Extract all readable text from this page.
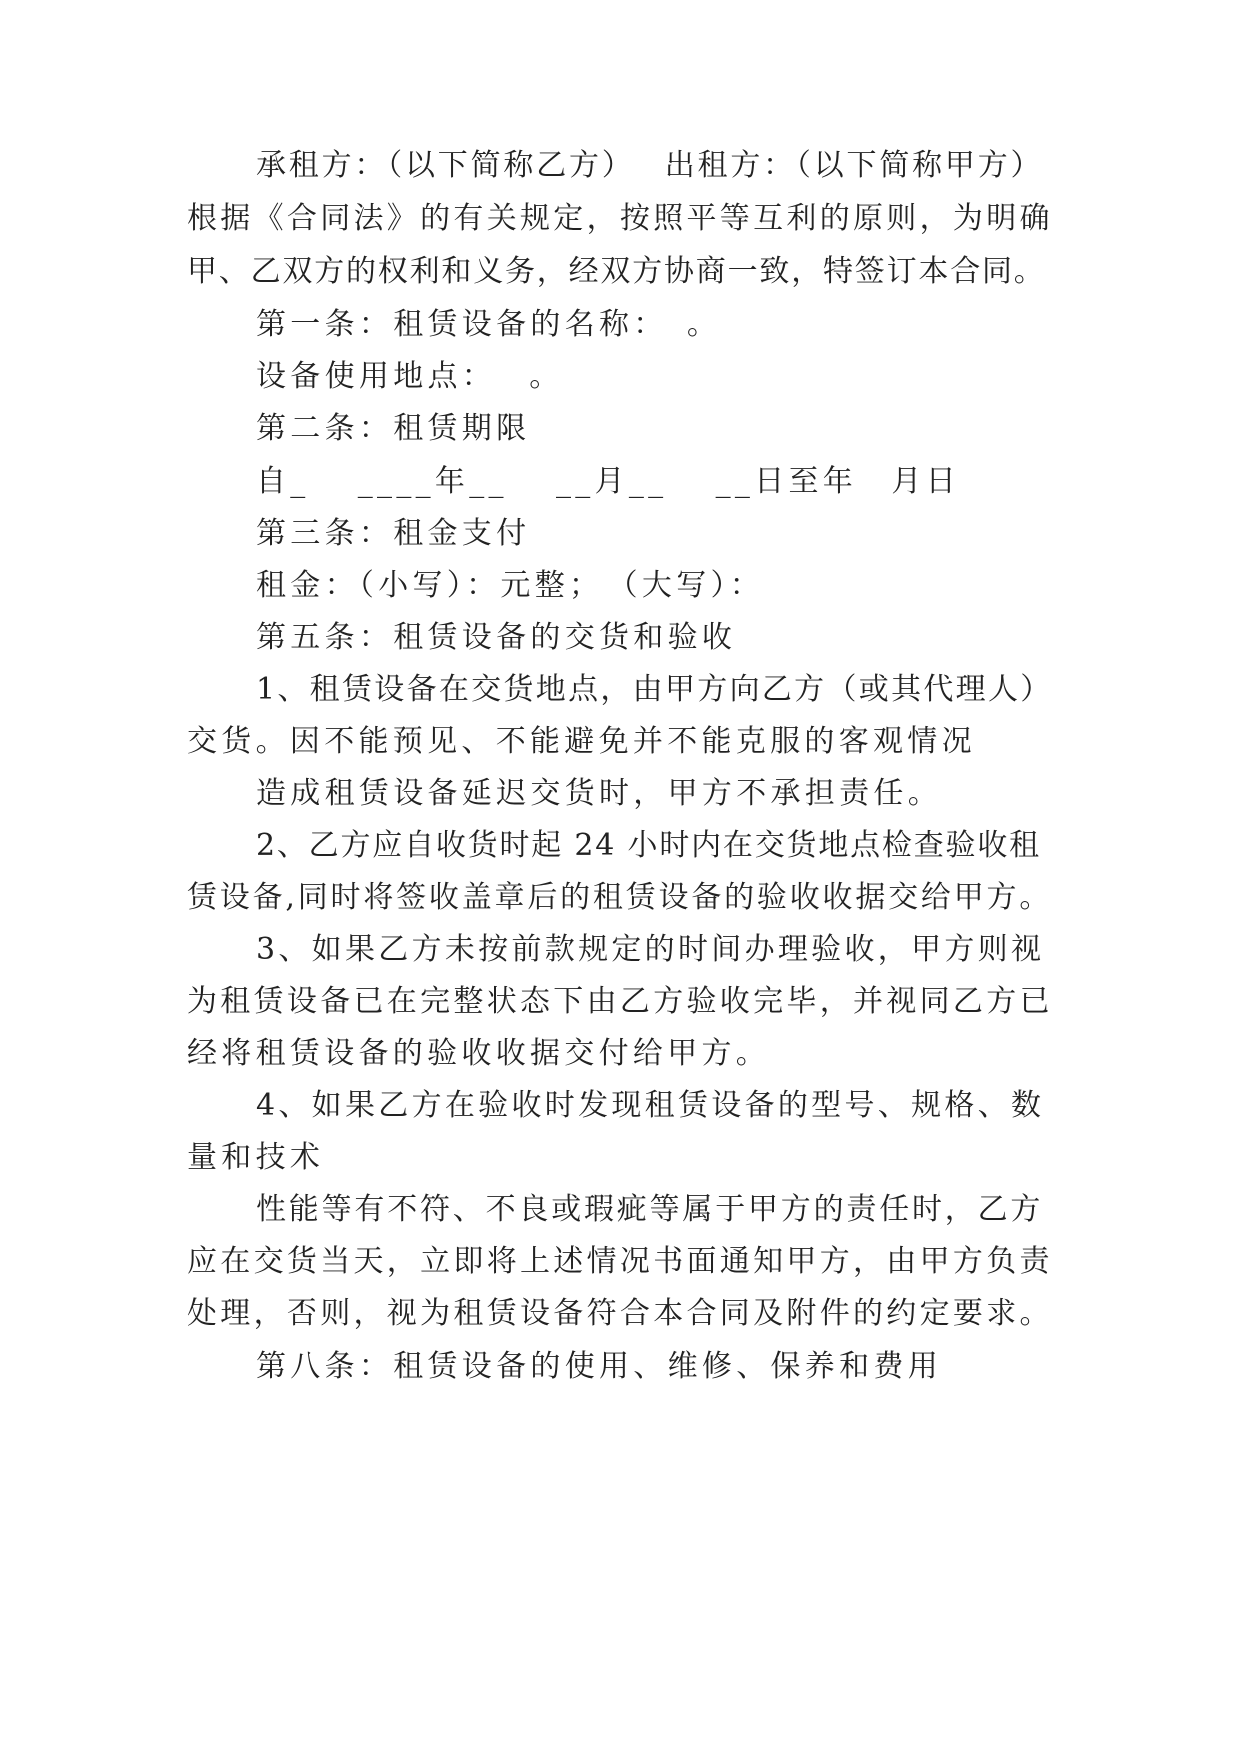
承租方：（以下简称乙方）　 出租方：（以下简称甲方）
根据《合同法》的有关规定，按照平等互利的原则，为明确
甲、乙双方的权利和义务，经双方协商一致，特签订本合同。
第一条：租赁设备的名称：　。
设备使用地点：　 。
第二条：租赁期限
自_　 ____年__　 __月__　 __日至年　月日
第三条：租金支付
租金：（小写）：元整；　（大写）：
第五条：租赁设备的交货和验收
1、租赁设备在交货地点，由甲方向乙方（或其代理人）
交货。因不能预见、不能避免并不能克服的客观情况
造成租赁设备延迟交货时，甲方不承担责任。
2、乙方应自收货时起 24 小时内在交货地点检查验收租
赁设备,同时将签收盖章后的租赁设备的验收收据交给甲方。
3、如果乙方未按前款规定的时间办理验收，甲方则视
为租赁设备已在完整状态下由乙方验收完毕，并视同乙方已
经将租赁设备的验收收据交付给甲方。
4、如果乙方在验收时发现租赁设备的型号、规格、数
量和技术
性能等有不符、不良或瑕疵等属于甲方的责任时，乙方
应在交货当天，立即将上述情况书面通知甲方，由甲方负责
处理，否则，视为租赁设备符合本合同及附件的约定要求。
第八条：租赁设备的使用、维修、保养和费用
